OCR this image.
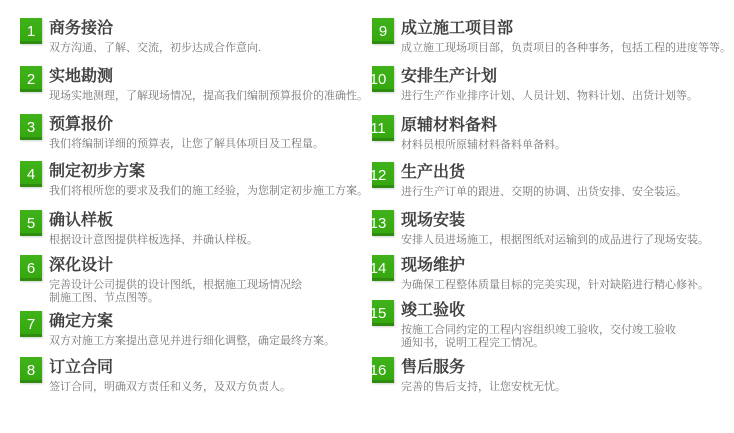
1 商务接洽
双方沟通、了解、交流，初步达成合作意向.
2 实地勘测
现场实地测理，了解现场情况，提高我们编制预算报价的准确性。
3 预算报价
我们将编制详细的预算表，让您了解具体项目及工程量。
4 制定初步方案
我们将根所您的要求及我们的施工经验，为您制定初步施工方案。
5 确认样板
根据设计意图提供样板选择、并确认样板。
6 深化设计
完善设计公司提供的设计图纸，根据施工现场情况绘
制施工图、节点图等。
7 确定方案
双方对施工方案提出意见并进行细化调整，确定最终方案。
8 订立合同
签订合同，明确双方责任和义务，及双方负责人。
9 成立施工项目部
成立施工现场项目部，负责项目的各种事务，包括工程的进度等等。
10 安排生产计划
进行生产作业排序计划、人员计划、物料计划、出货计划等。
11 原辅材料备料
材料员根所原辅材料备料单备料。
12 生产出货
进行生产订单的跟进、交期的协调、出货安排、安全装运。
13 现场安装
安排人员进场施工，根据图纸对运输到的成品进行了现场安装。
14 现场维护
为确保工程整体质量目标的完美实现，针对缺陷进行精心修补。
15 竣工验收
按施工合同约定的工程内容组织竣工验收，交付竣工验收
通知书，说明工程完工情况。
16 售后服务
完善的售后支持，让您安枕无忧。
